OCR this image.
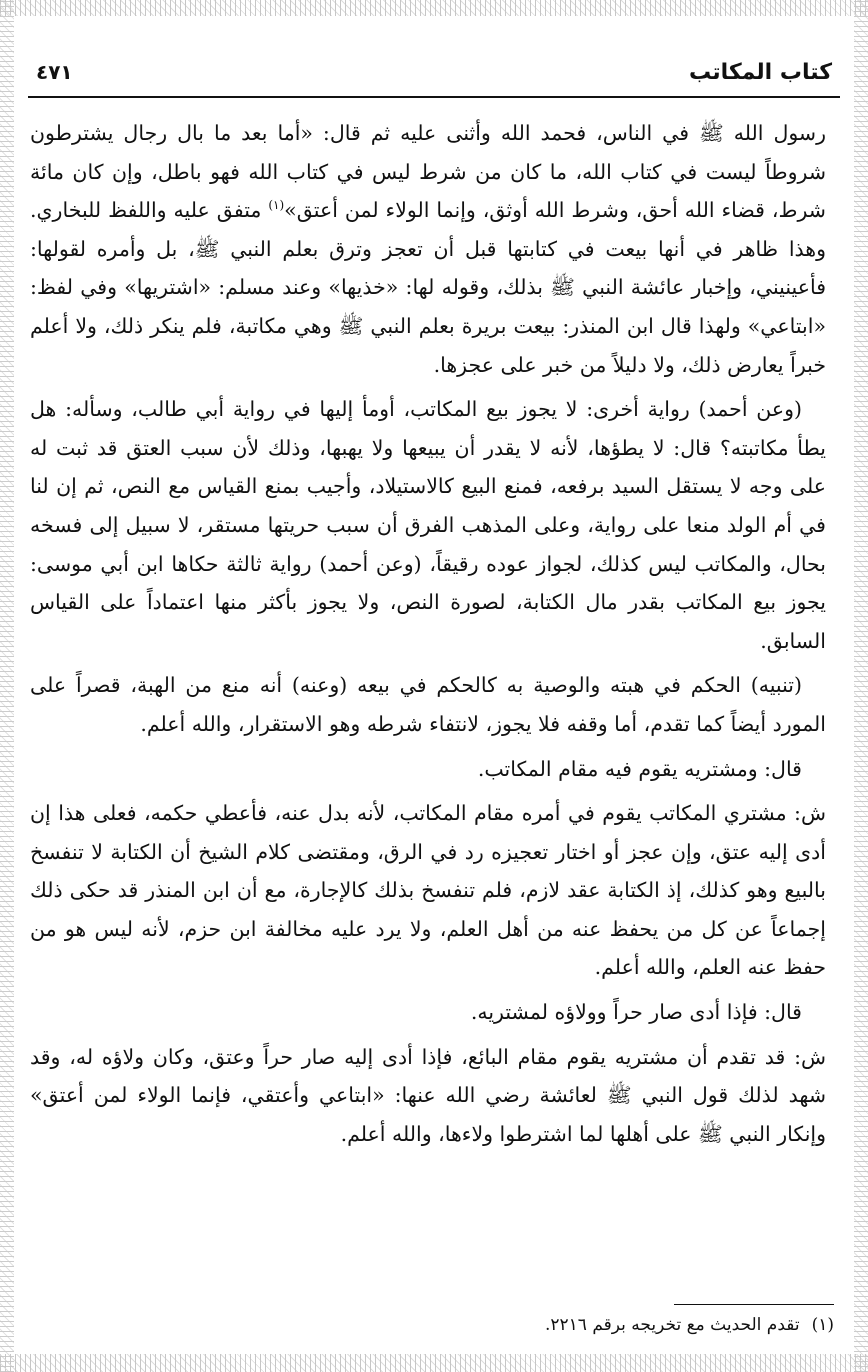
كتاب المكاتب
٤٧١

رسول الله ﷺ في الناس، فحمد الله وأثنى عليه ثم قال: «أما بعد ما بال رجال يشترطون شروطاً ليست في كتاب الله، ما كان من شرط ليس في كتاب الله فهو باطل، وإن كان مائة شرط، قضاء الله أحق، وشرط الله أوثق، وإنما الولاء لمن أعتق»$^{(١)}$ متفق عليه واللفظ للبخاري. وهذا ظاهر في أنها بيعت في كتابتها قبل أن تعجز وترق بعلم النبي ﷺ، بل وأمره لقولها: فأعينيني، وإخبار عائشة النبي ﷺ بذلك، وقوله لها: «خذيها» وعند مسلم: «اشتريها» وفي لفظ: «ابتاعي» ولهذا قال ابن المنذر: بيعت بريرة بعلم النبي ﷺ وهي مكاتبة، فلم ينكر ذلك، ولا أعلم خبراً يعارض ذلك، ولا دليلاً من خبر على عجزها.

(وعن أحمد) رواية أخرى: لا يجوز بيع المكاتب، أومأ إليها في رواية أبي طالب، وسأله: هل يطأ مكاتبته؟ قال: لا يطؤها، لأنه لا يقدر أن يبيعها ولا يهبها، وذلك لأن سبب العتق قد ثبت له على وجه لا يستقل السيد برفعه، فمنع البيع كالاستيلاد، وأجيب بمنع القياس مع النص، ثم إن لنا في أم الولد منعا على رواية، وعلى المذهب الفرق أن سبب حريتها مستقر، لا سبيل إلى فسخه بحال، والمكاتب ليس كذلك، لجواز عوده رقيقاً، (وعن أحمد) رواية ثالثة حكاها ابن أبي موسى: يجوز بيع المكاتب بقدر مال الكتابة، لصورة النص، ولا يجوز بأكثر منها اعتماداً على القياس السابق.

(تنبيه) الحكم في هبته والوصية به كالحكم في بيعه (وعنه) أنه منع من الهبة، قصراً على المورد أيضاً كما تقدم، أما وقفه فلا يجوز، لانتفاء شرطه وهو الاستقرار، والله أعلم.

قال: ومشتريه يقوم فيه مقام المكاتب.

ش: مشتري المكاتب يقوم في أمره مقام المكاتب، لأنه بدل عنه، فأعطي حكمه، فعلى هذا إن أدى إليه عتق، وإن عجز أو اختار تعجيزه رد في الرق، ومقتضى كلام الشيخ أن الكتابة لا تنفسخ بالبيع وهو كذلك، إذ الكتابة عقد لازم، فلم تنفسخ بذلك كالإجارة، مع أن ابن المنذر قد حكى ذلك إجماعاً عن كل من يحفظ عنه من أهل العلم، ولا يرد عليه مخالفة ابن حزم، لأنه ليس هو من حفظ عنه العلم، والله أعلم.

قال: فإذا أدى صار حراً وولاؤه لمشتريه.

ش: قد تقدم أن مشتريه يقوم مقام البائع، فإذا أدى إليه صار حراً وعتق، وكان ولاؤه له، وقد شهد لذلك قول النبي ﷺ لعائشة رضي الله عنها: «ابتاعي وأعتقي، فإنما الولاء لمن أعتق» وإنكار النبي ﷺ على أهلها لما اشترطوا ولاءها، والله أعلم.

(١)تقدم الحديث مع تخريجه برقم ٢٢١٦.
